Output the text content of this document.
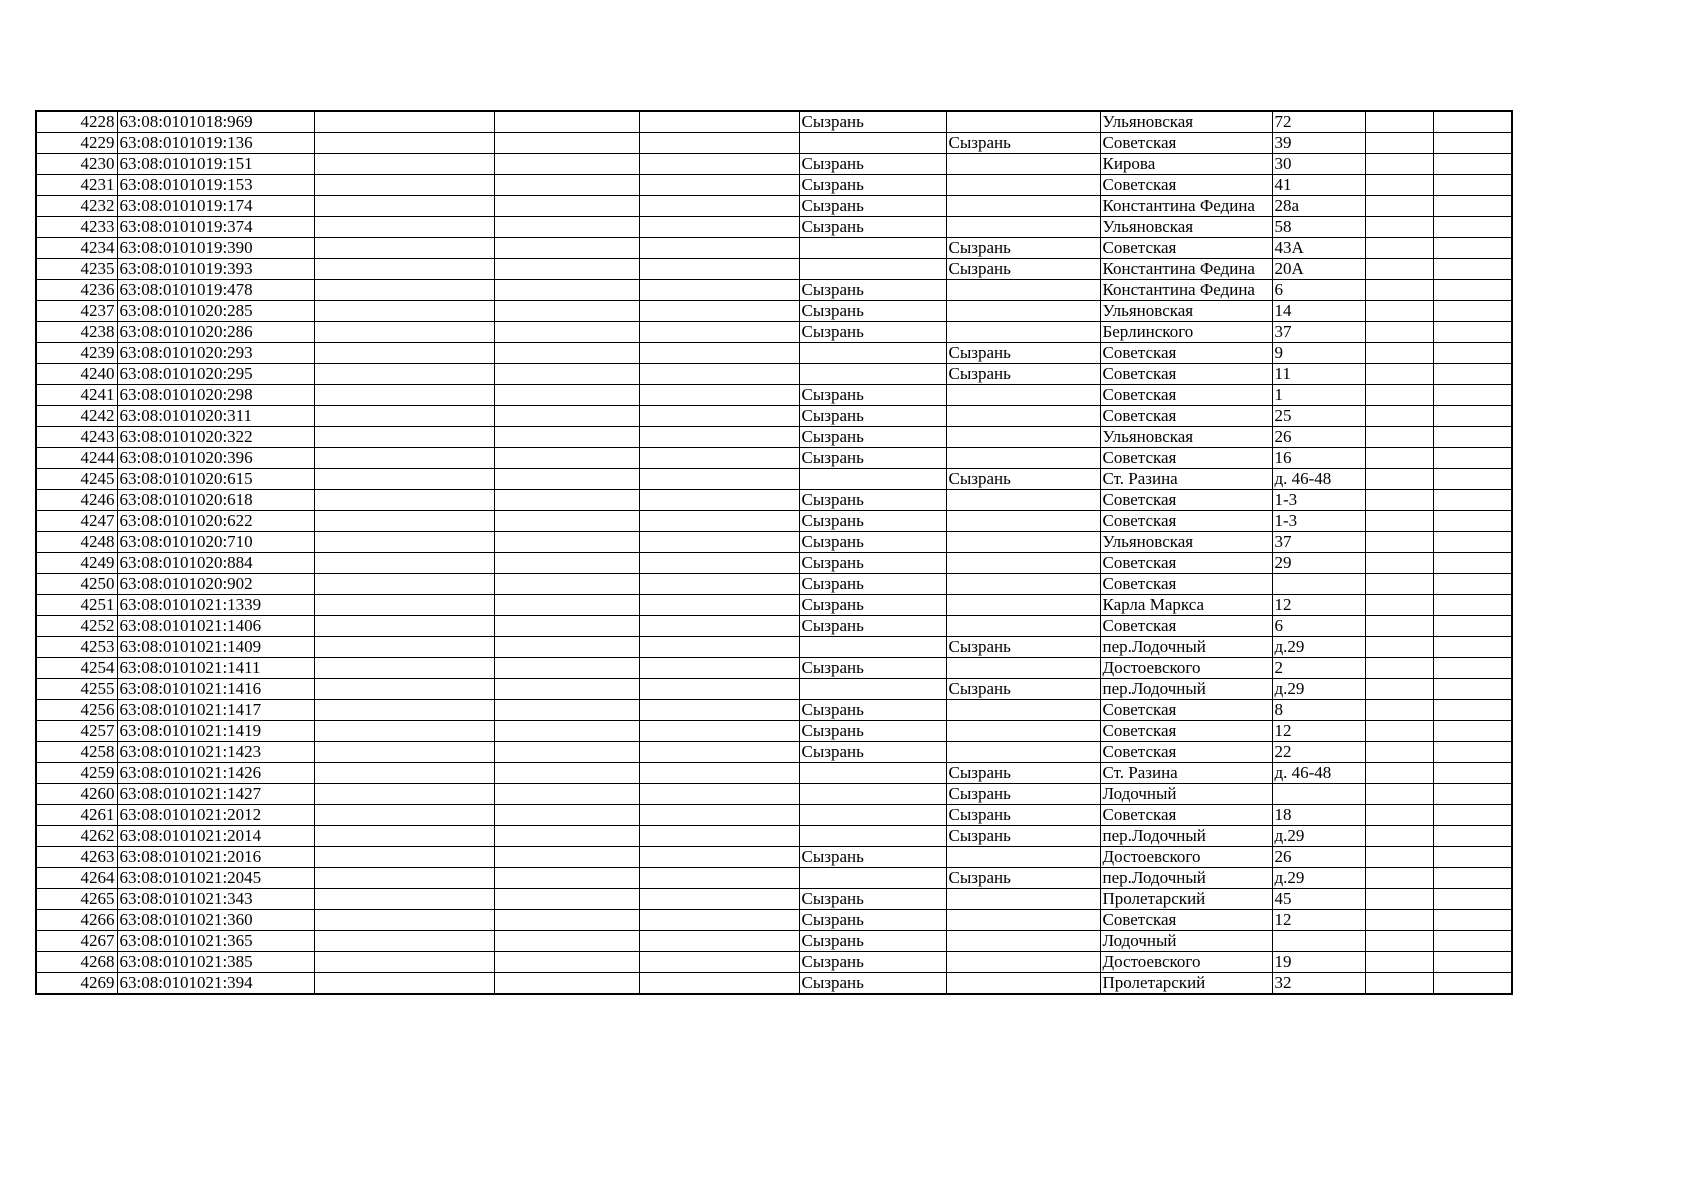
4228	63:08:0101018:969				Сызрань		Ульяновская	72		
4229	63:08:0101019:136					Сызрань	Советская	39		
4230	63:08:0101019:151				Сызрань		Кирова	30		
4231	63:08:0101019:153				Сызрань		Советская	41		
4232	63:08:0101019:174				Сызрань		Константина Федина	28а		
4233	63:08:0101019:374				Сызрань		Ульяновская	58		
4234	63:08:0101019:390					Сызрань	Советская	43А		
4235	63:08:0101019:393					Сызрань	Константина Федина	20А		
4236	63:08:0101019:478				Сызрань		Константина Федина	6		
4237	63:08:0101020:285				Сызрань		Ульяновская	14		
4238	63:08:0101020:286				Сызрань		Берлинского	37		
4239	63:08:0101020:293					Сызрань	Советская	9		
4240	63:08:0101020:295					Сызрань	Советская	11		
4241	63:08:0101020:298				Сызрань		Советская	1		
4242	63:08:0101020:311				Сызрань		Советская	25		
4243	63:08:0101020:322				Сызрань		Ульяновская	26		
4244	63:08:0101020:396				Сызрань		Советская	16		
4245	63:08:0101020:615					Сызрань	Ст. Разина	д. 46-48		
4246	63:08:0101020:618				Сызрань		Советская	1-3		
4247	63:08:0101020:622				Сызрань		Советская	1-3		
4248	63:08:0101020:710				Сызрань		Ульяновская	37		
4249	63:08:0101020:884				Сызрань		Советская	29		
4250	63:08:0101020:902				Сызрань		Советская			
4251	63:08:0101021:1339				Сызрань		Карла Маркса	12		
4252	63:08:0101021:1406				Сызрань		Советская	6		
4253	63:08:0101021:1409					Сызрань	пер.Лодочный	д.29		
4254	63:08:0101021:1411				Сызрань		Достоевского	2		
4255	63:08:0101021:1416					Сызрань	пер.Лодочный	д.29		
4256	63:08:0101021:1417				Сызрань		Советская	8		
4257	63:08:0101021:1419				Сызрань		Советская	12		
4258	63:08:0101021:1423				Сызрань		Советская	22		
4259	63:08:0101021:1426					Сызрань	Ст. Разина	д. 46-48		
4260	63:08:0101021:1427					Сызрань	Лодочный			
4261	63:08:0101021:2012					Сызрань	Советская	18		
4262	63:08:0101021:2014					Сызрань	пер.Лодочный	д.29		
4263	63:08:0101021:2016				Сызрань		Достоевского	26		
4264	63:08:0101021:2045					Сызрань	пер.Лодочный	д.29		
4265	63:08:0101021:343				Сызрань		Пролетарский	45		
4266	63:08:0101021:360				Сызрань		Советская	12		
4267	63:08:0101021:365				Сызрань		Лодочный			
4268	63:08:0101021:385				Сызрань		Достоевского	19		
4269	63:08:0101021:394				Сызрань		Пролетарский	32		
